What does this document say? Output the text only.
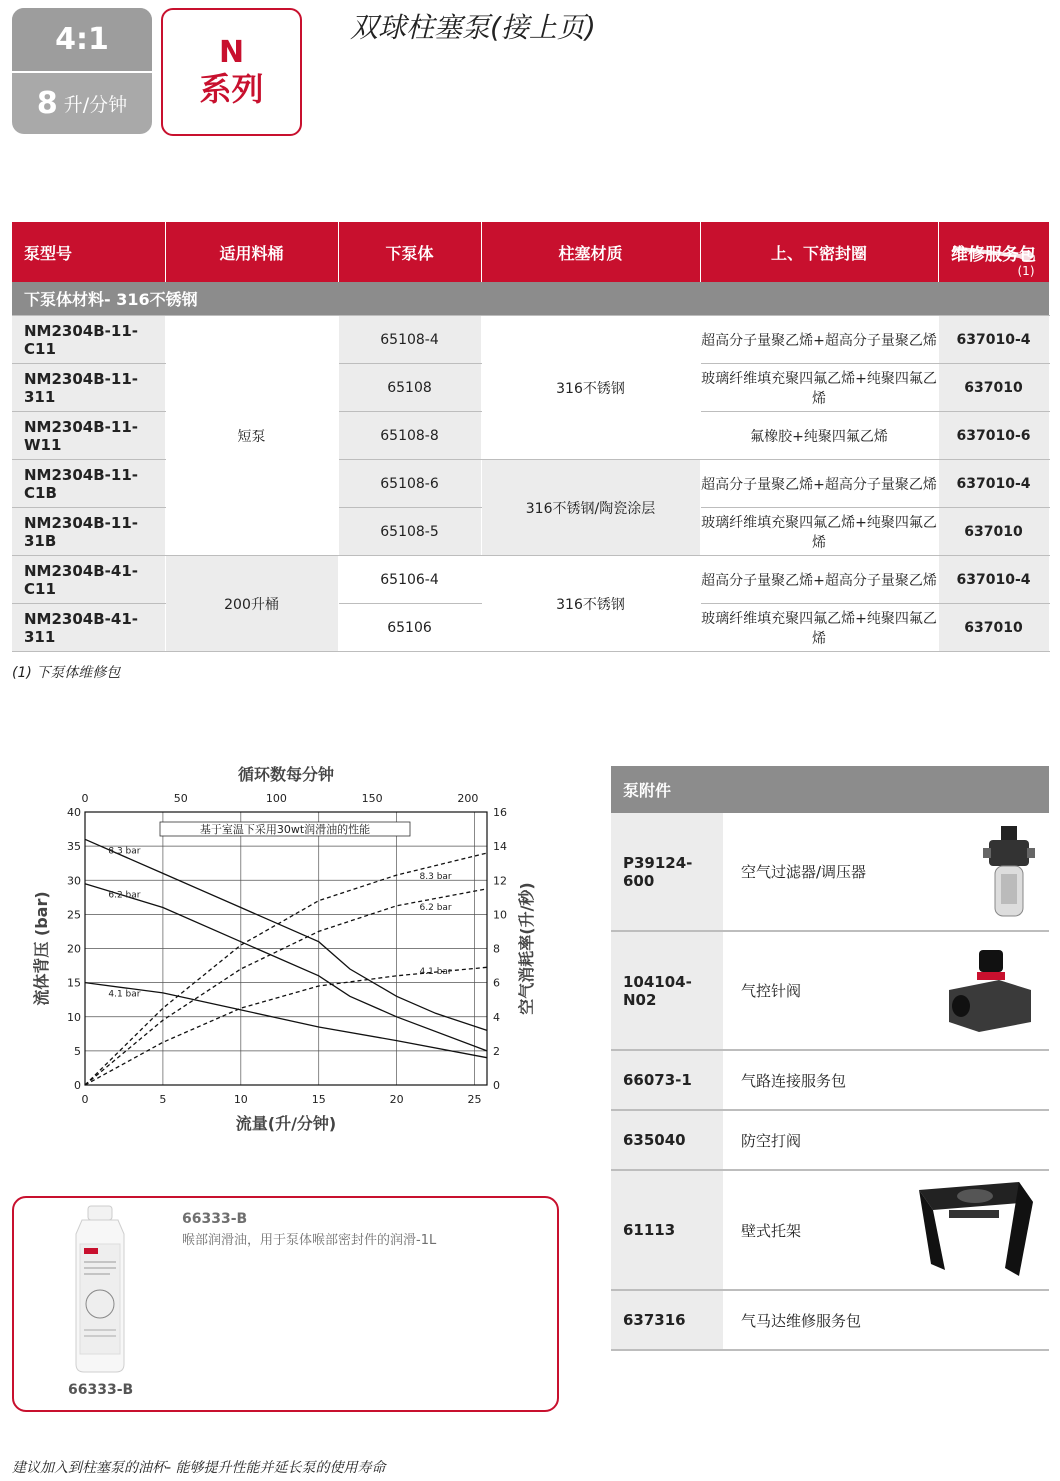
4:1
8 升/分钟
N
系列
双球柱塞泵(接上页)
泵型号	适用料桶	下泵体	柱塞材质	上、下密封圈	维修服务包
(1)

下泵体材料- 316不锈钢					
NM2304B-11-C11	短泵	65108-4	316不锈钢	超高分子量聚乙烯+超高分子量聚乙烯	637010-4
NM2304B-11-311		65108		玻璃纤维填充聚四氟乙烯+纯聚四氟乙烯	637010
NM2304B-11-W11		65108-8		氟橡胶+纯聚四氟乙烯	637010-6
NM2304B-11-C1B		65108-6	316不锈钢/陶瓷涂层	超高分子量聚乙烯+超高分子量聚乙烯	637010-4
NM2304B-11-31B		65108-5		玻璃纤维填充聚四氟乙烯+纯聚四氟乙烯	637010
NM2304B-41-C11	200升桶	65106-4	316不锈钢	超高分子量聚乙烯+超高分子量聚乙烯	637010-4
NM2304B-41-311		65106		玻璃纤维填充聚四氟乙烯+纯聚四氟乙烯	637010
(1) 下泵体维修包
0	5	10	15	20	25
0
5
10
15
20
25
30
35
40
0
2
4
6
8
10
12
14
16
0	50	100	150	200
循环数每分钟
流量(升/分钟)
流体背压 (bar)	空气消耗率(升/秒)
基于室温下采用30wt润滑油的性能
8.3 bar
6.2 bar
4.1 bar
8.3 bar
6.2 bar
4.1 bar
泵附件
P39124-600	空气过滤器/调压器
104104-N02	气控针阀
66073-1	气路连接服务包
635040	防空打阀
61113	壁式托架
637316	气马达维修服务包
66333-B
喉部润滑油，用于泵体喉部密封件的润滑-1L
66333-B
建议加入到柱塞泵的油杯- 能够提升性能并延长泵的使用寿命
